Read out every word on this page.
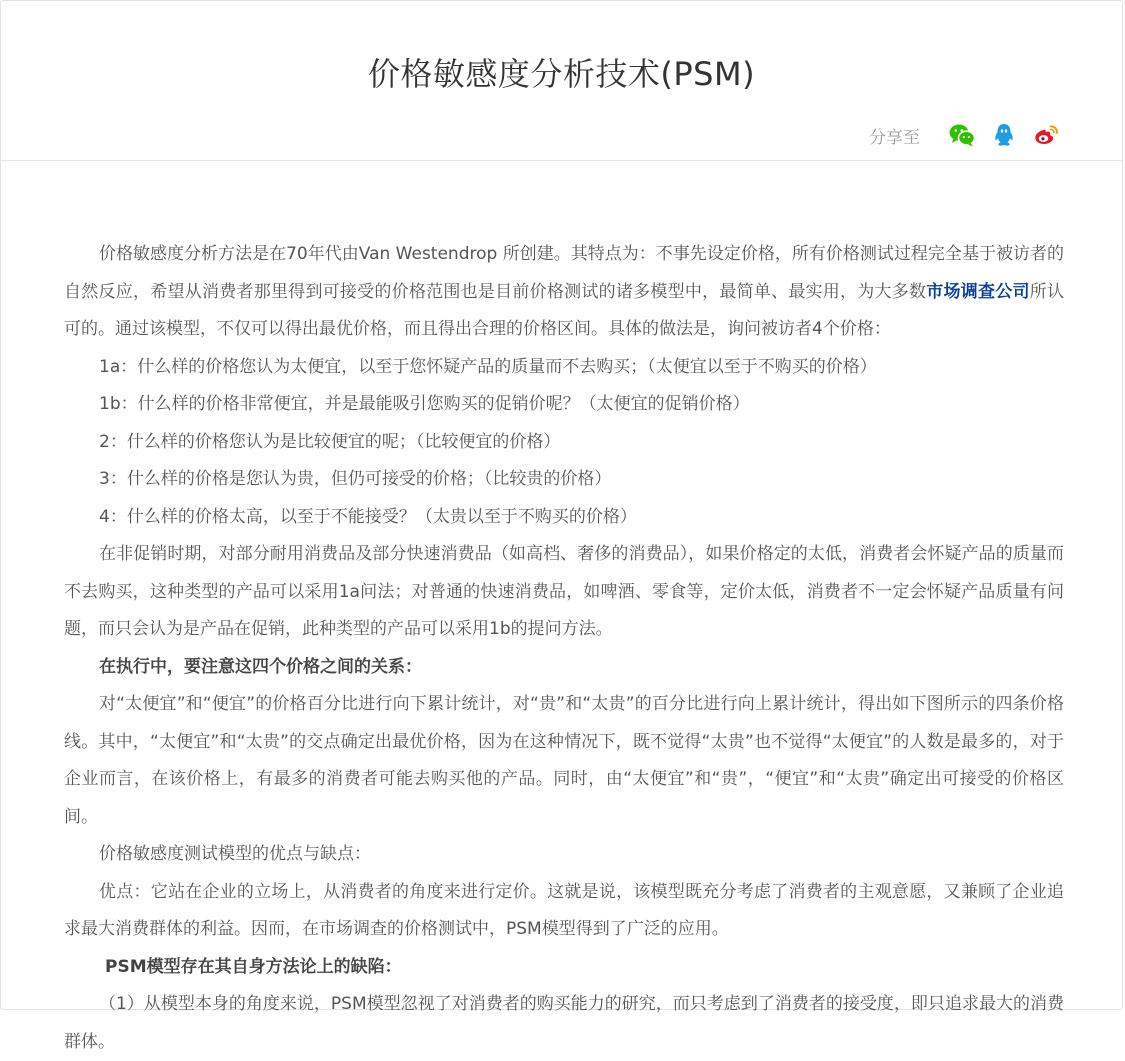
价格敏感度分析技术(PSM)
分享至

价格敏感度分析方法是在70年代由Van Westendrop 所创建。其特点为：不事先设定价格，所有价格测试过程完全基于被访者的自然反应，希望从消费者那里得到可接受的价格范围也是目前价格测试的诸多模型中，最简单、最实用，为大多数市场调查公司所认可的。通过该模型，不仅可以得出最优价格，而且得出合理的价格区间。具体的做法是，询问被访者4个价格：

1a：什么样的价格您认为太便宜，以至于您怀疑产品的质量而不去购买；（太便宜以至于不购买的价格）

1b：什么样的价格非常便宜，并是最能吸引您购买的促销价呢？（太便宜的促销价格）

2：什么样的价格您认为是比较便宜的呢；（比较便宜的价格）

3：什么样的价格是您认为贵，但仍可接受的价格；（比较贵的价格）

4：什么样的价格太高，以至于不能接受？（太贵以至于不购买的价格）

在非促销时期，对部分耐用消费品及部分快速消费品（如高档、奢侈的消费品），如果价格定的太低，消费者会怀疑产品的质量而不去购买，这种类型的产品可以采用1a问法；对普通的快速消费品，如啤酒、零食等，定价太低，消费者不一定会怀疑产品质量有问题，而只会认为是产品在促销，此种类型的产品可以采用1b的提问方法。

在执行中，要注意这四个价格之间的关系：

对“太便宜”和“便宜”的价格百分比进行向下累计统计，对“贵”和“太贵”的百分比进行向上累计统计，得出如下图所示的四条价格线。其中，“太便宜”和“太贵”的交点确定出最优价格，因为在这种情况下，既不觉得“太贵”也不觉得“太便宜”的人数是最多的，对于企业而言，在该价格上，有最多的消费者可能去购买他的产品。同时，由“太便宜”和“贵”，“便宜”和“太贵”确定出可接受的价格区间。

价格敏感度测试模型的优点与缺点：

优点：它站在企业的立场上，从消费者的角度来进行定价。这就是说，该模型既充分考虑了消费者的主观意愿，又兼顾了企业追求最大消费群体的利益。因而，在市场调查的价格测试中，PSM模型得到了广泛的应用。

PSM模型存在其自身方法论上的缺陷：

（1）从模型本身的角度来说，PSM模型忽视了对消费者的购买能力的研究，而只考虑到了消费者的接受度，即只追求最大的消费群体。
